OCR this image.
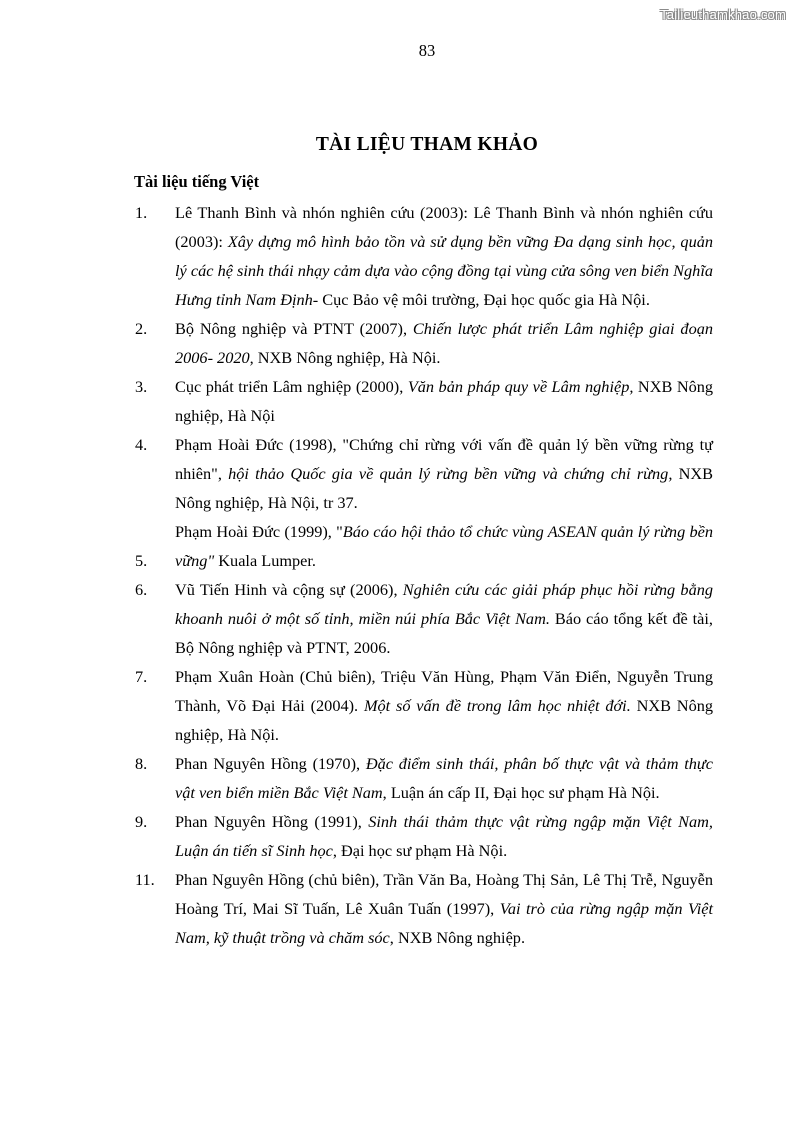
Tailieuthamkhao.com
83
TÀI LIỆU THAM KHẢO
Tài liệu tiếng Việt
1.	Lê Thanh Bình và nhón nghiên cứu (2003): Lê Thanh Bình và nhón nghiên cứu (2003): Xây dựng mô hình bảo tồn và sử dụng bền vững Đa dạng sinh học, quản lý các hệ sinh thái nhạy cảm dựa vào cộng đồng tại vùng cửa sông ven biển Nghĩa Hưng tỉnh Nam Định- Cục Bảo vệ môi trường, Đại học quốc gia Hà Nội.
2.	Bộ Nông nghiệp và PTNT (2007), Chiến lược phát triển Lâm nghiệp giai đoạn 2006- 2020, NXB Nông nghiệp, Hà Nội.
3.	Cục phát triển Lâm nghiệp (2000), Văn bản pháp quy về Lâm nghiệp, NXB Nông nghiệp, Hà Nội
4.	Phạm Hoài Đức (1998), "Chứng chỉ rừng với vấn đề quản lý bền vững rừng tự nhiên", hội thảo Quốc gia về quản lý rừng bền vững và chứng chỉ rừng, NXB Nông nghiệp, Hà Nội, tr 37.
5.
Phạm Hoài Đức (1999), "Báo cáo hội thảo tổ chức vùng ASEAN quản lý rừng bền vững" Kuala Lumper.
6.	Vũ Tiến Hinh và cộng sự (2006), Nghiên cứu các giải pháp phục hồi rừng bằng khoanh nuôi ở một số tỉnh, miền núi phía Bắc Việt Nam. Báo cáo tổng kết đề tài, Bộ Nông nghiệp và PTNT, 2006.
7.	Phạm Xuân Hoàn (Chủ biên), Triệu Văn Hùng, Phạm Văn Điển, Nguyễn Trung Thành, Võ Đại Hải (2004). Một số vấn đề trong lâm học nhiệt đới. NXB Nông nghiệp, Hà Nội.
8.	Phan Nguyên Hồng (1970), Đặc điểm sinh thái, phân bố thực vật và thảm thực vật ven biển miền Bắc Việt Nam, Luận án cấp II, Đại học sư phạm Hà Nội.
9.	Phan Nguyên Hồng (1991), Sinh thái thảm thực vật rừng ngập mặn Việt Nam, Luận án tiến sĩ Sinh học, Đại học sư phạm Hà Nội.
11.	Phan Nguyên Hồng (chủ biên), Trần Văn Ba, Hoàng Thị Sản, Lê Thị Trễ, Nguyễn Hoàng Trí, Mai Sĩ Tuấn, Lê Xuân Tuấn (1997), Vai trò của rừng ngập mặn Việt Nam, kỹ thuật trồng và chăm sóc, NXB Nông nghiệp.
